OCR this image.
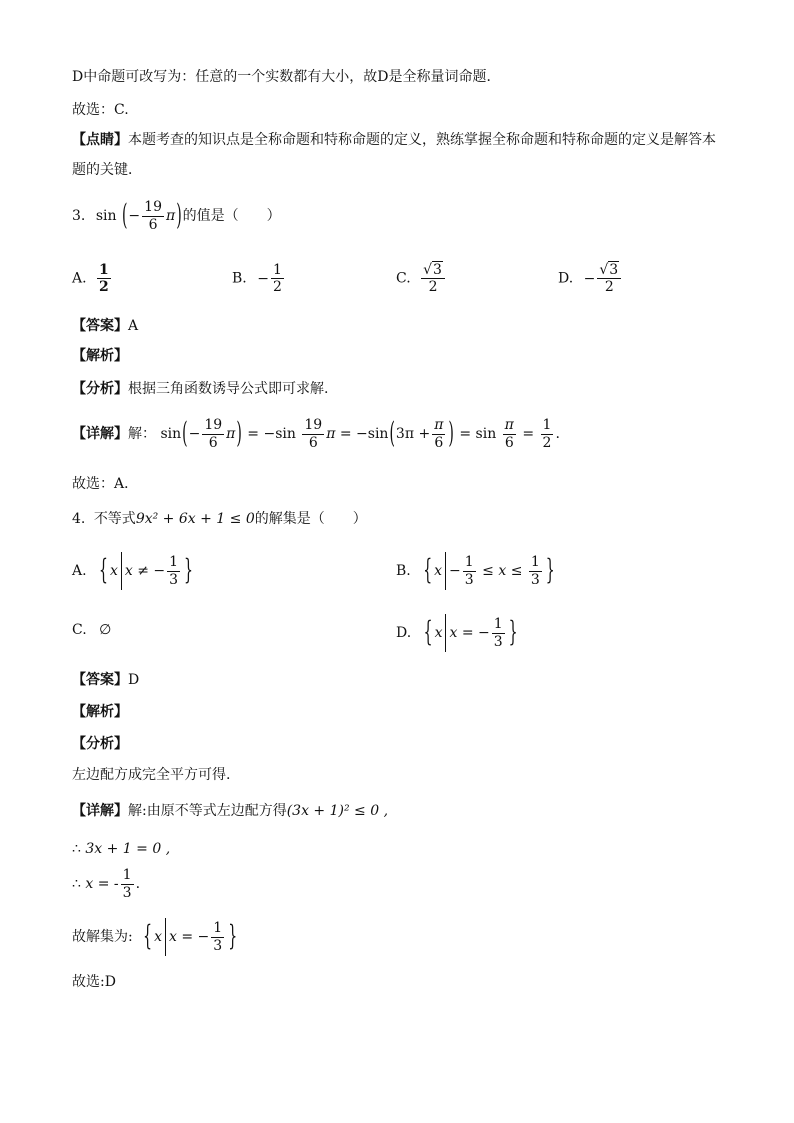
D中命题可改写为：任意的一个实数都有大小，故D是全称量词命题．
故选：C.
【点睛】本题考查的知识点是全称命题和特称命题的定义，熟练掌握全称命题和特称命题的定义是解答本
题的关键．
3. sin (− $\frac{19}{6} \pi$)的值是（　　）
A. $\frac{1}{2}$	B. − $\frac{1}{2}$	C. $\frac{√3}{2}$	D. − $\frac{√3}{2}$
【答案】A
【解析】
【分析】根据三角函数诱导公式即可求解.
【详解】解： $\sin(- \frac{19}{6} \pi) = -\sin \frac{19}{6}$ $\pi = -\sin(3\pi + \frac{\pi}{6}$ ) = $\sin \frac{\pi}{6} = \frac{1}{2}$ .
故选：A．
4. 不等式9x² + 6x + 1 ≤ 0的解集是（　　）
A. { x x ≠ − $\frac{1}{3}$ }	B. { $x - \frac{1}{3} \le x \le \frac{1}{3}$ }
C. ∅	D. { x x = − $\frac{1}{3}$ }
【答案】D
【解析】
【分析】
左边配方成完全平方可得.
【详解】解:由原不等式左边配方得(3x + 1)² ≤ 0 ,
∴ 3x + 1 = 0 ,
∴ x = - $\frac{1}{3}$ .
故解集为: { x x = − $\frac{1}{3}$ }
故选:D
